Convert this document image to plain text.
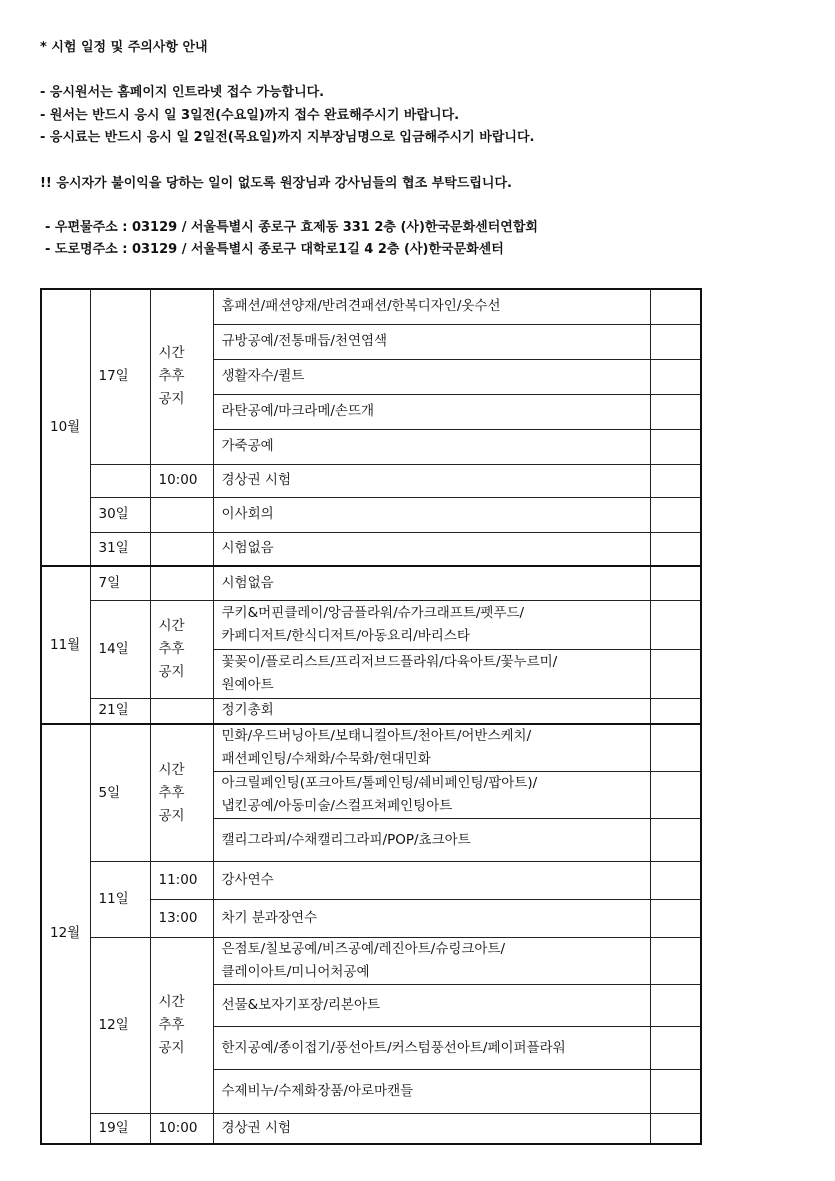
* 시험 일정 및 주의사항 안내
- 응시원서는 홈페이지 인트라넷 접수 가능합니다.
- 원서는 반드시 응시 일 3일전(수요일)까지 접수 완료해주시기 바랍니다.
- 응시료는 반드시 응시 일 2일전(목요일)까지 지부장님명으로 입금해주시기 바랍니다.
!! 응시자가 불이익을 당하는 일이 없도록 원장님과 강사님들의 협조 부탁드립니다.
- 우편물주소 : 03129 / 서울특별시 종로구 효제동 331 2층 (사)한국문화센터연합회
- 도로명주소 : 03129 / 서울특별시 종로구 대학로1길 4 2층 (사)한국문화센터
10월	17일	시간
추후
공지	홈패션/패션양재/반려견패션/한복디자인/옷수선	
			규방공예/전통매듭/천연염색	
			생활자수/퀼트	
			라탄공예/마크라메/손뜨개	
			가죽공예	
		10:00	경상권 시험	
	30일		이사회의	
	31일		시험없음	
11월	7일		시험없음	
	14일	시간
추후
공지	쿠키&머핀클레이/앙금플라워/슈가크래프트/펫푸드/
카페디저트/한식디저트/아동요리/바리스타	
			꽃꽂이/플로리스트/프리저브드플라워/다육아트/꽃누르미/
원예아트	
	21일		정기총회	
12월	5일	시간
추후
공지	민화/우드버닝아트/보태니컬아트/천아트/어반스케치/
패션페인팅/수채화/수묵화/현대민화	
			아크릴페인팅(포크아트/톨페인팅/쉐비페인팅/팝아트)/
냅킨공예/아동미술/스컬프쳐페인팅아트	
			캘리그라피/수채캘리그라피/POP/쵸크아트	
	11일	11:00	강사연수	
		13:00	차기 분과장연수	
	12일	시간
추후
공지	은점토/칠보공예/비즈공예/레진아트/슈링크아트/
클레이아트/미니어처공예	
			선물&보자기포장/리본아트	
			한지공예/종이접기/풍선아트/커스텀풍선아트/페이퍼플라워	
			수제비누/수제화장품/아로마캔들	
	19일	10:00	경상권 시험	
